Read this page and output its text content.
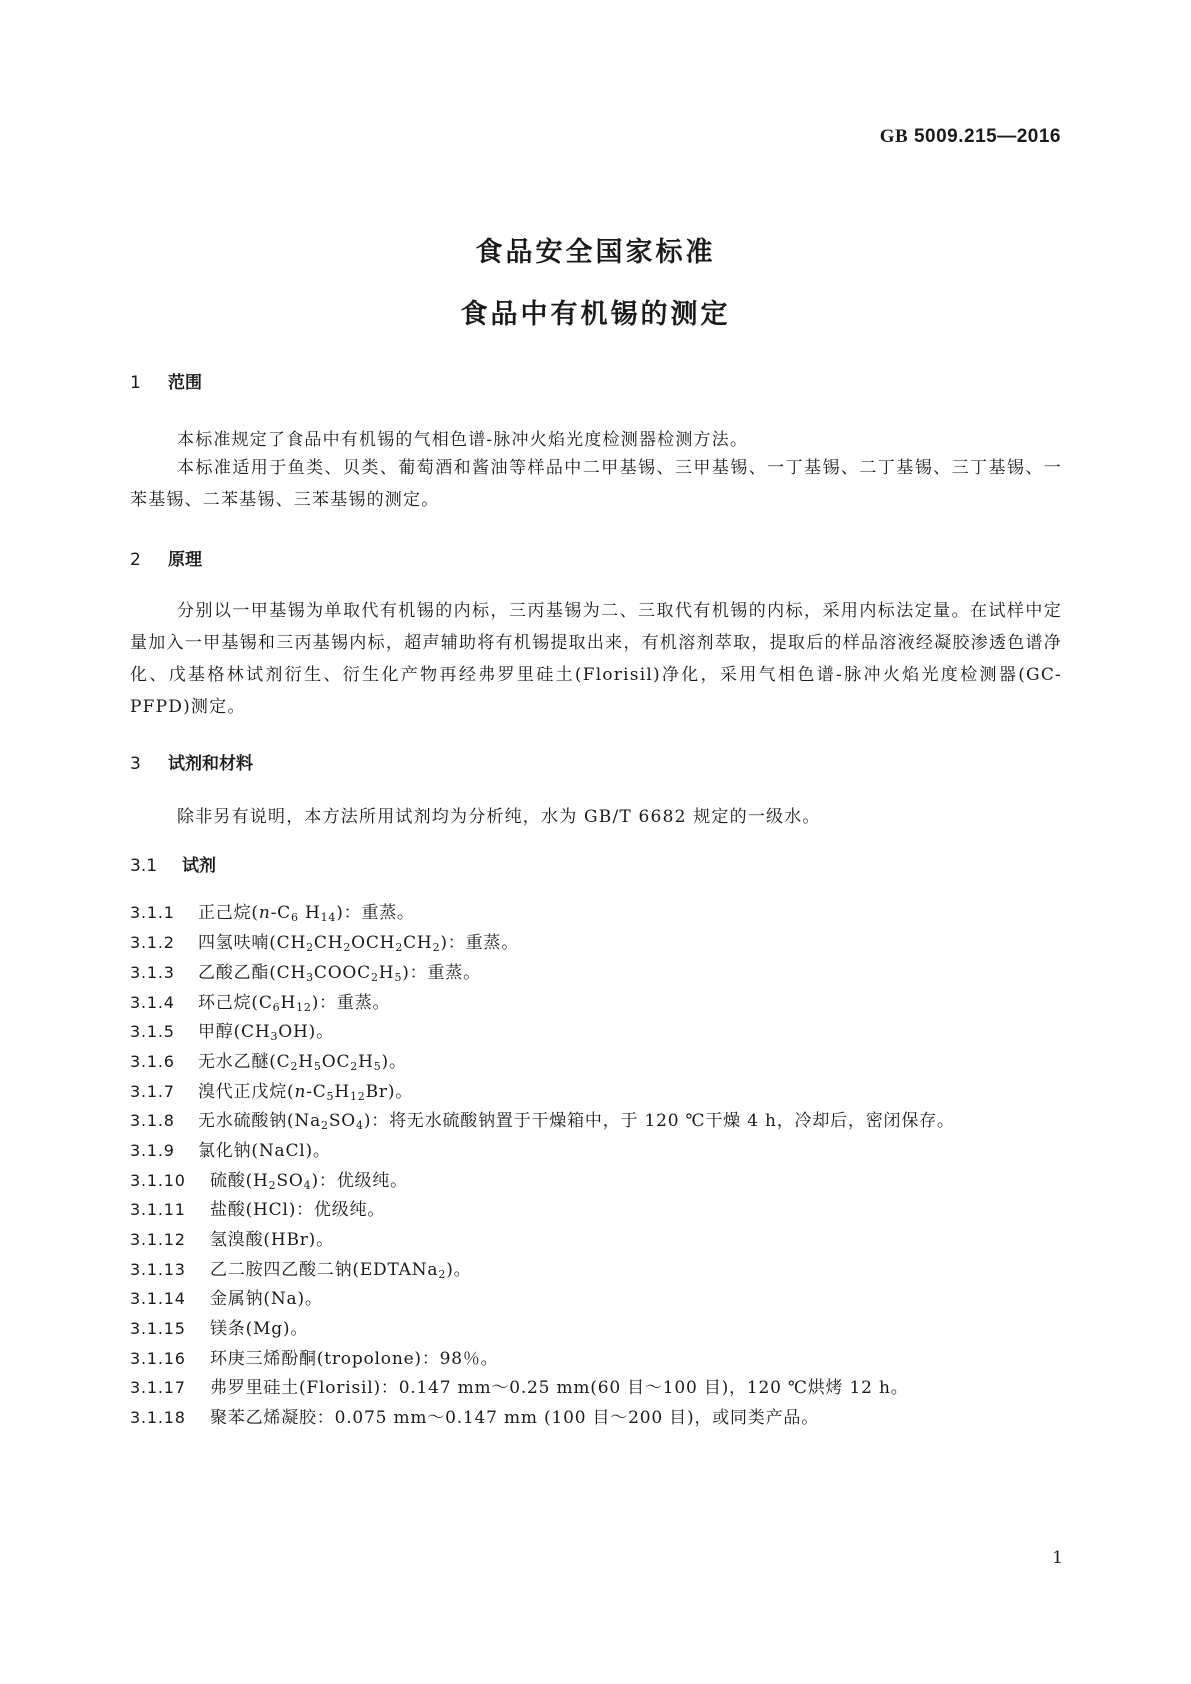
GB 5009.215—2016
食品安全国家标准
食品中有机锡的测定
1 范围
本标准规定了食品中有机锡的气相色谱-脉冲火焰光度检测器检测方法。
本标准适用于鱼类、贝类、葡萄酒和酱油等样品中二甲基锡、三甲基锡、一丁基锡、二丁基锡、三丁基锡、一苯基锡、二苯基锡、三苯基锡的测定。
2 原理
分别以一甲基锡为单取代有机锡的内标，三丙基锡为二、三取代有机锡的内标，采用内标法定量。在试样中定量加入一甲基锡和三丙基锡内标，超声辅助将有机锡提取出来，有机溶剂萃取，提取后的样品溶液经凝胶渗透色谱净化、戊基格林试剂衍生、衍生化产物再经弗罗里硅土(Florisil)净化，采用气相色谱-脉冲火焰光度检测器(GC-PFPD)测定。
3 试剂和材料
除非另有说明，本方法所用试剂均为分析纯，水为 GB/T 6682 规定的一级水。
3.1 试剂
3.1.1 正己烷($n-C_6$ $H_{14}$)：重蒸。
3.1.2 四氢呋喃$(CH_2CH_2OCH_2CH_2)$：重蒸。
3.1.3 乙酸乙酯$(CH_3COOC_2H_5)$：重蒸。
3.1.4 环己烷$(C_6H_{12})$：重蒸。
3.1.5 甲醇$(CH_3OH)$。
3.1.6 无水乙醚$(C_2H_5OC_2H_5)$。
3.1.7 溴代正戊烷$(n-C_5H_{12}Br)$。
3.1.8 无水硫酸钠$(Na_2SO_4)$：将无水硫酸钠置于干燥箱中，于 120 ℃干燥 4 h，冷却后，密闭保存。
3.1.9 氯化钠(NaCl)。
3.1.10 硫酸$(H_2SO_4)$：优级纯。
3.1.11 盐酸(HCl)：优级纯。
3.1.12 氢溴酸(HBr)。
3.1.13 乙二胺四乙酸二钠(EDTANa$_2$)。
3.1.14 金属钠(Na)。
3.1.15 镁条(Mg)。
3.1.16 环庚三烯酚酮(tropolone)：98％。
3.1.17 弗罗里硅土(Florisil)：0.147 mm～0.25 mm(60 目～100 目)，120 ℃烘烤 12 h。
3.1.18 聚苯乙烯凝胶：0.075 mm～0.147 mm (100 目～200 目)，或同类产品。
1
